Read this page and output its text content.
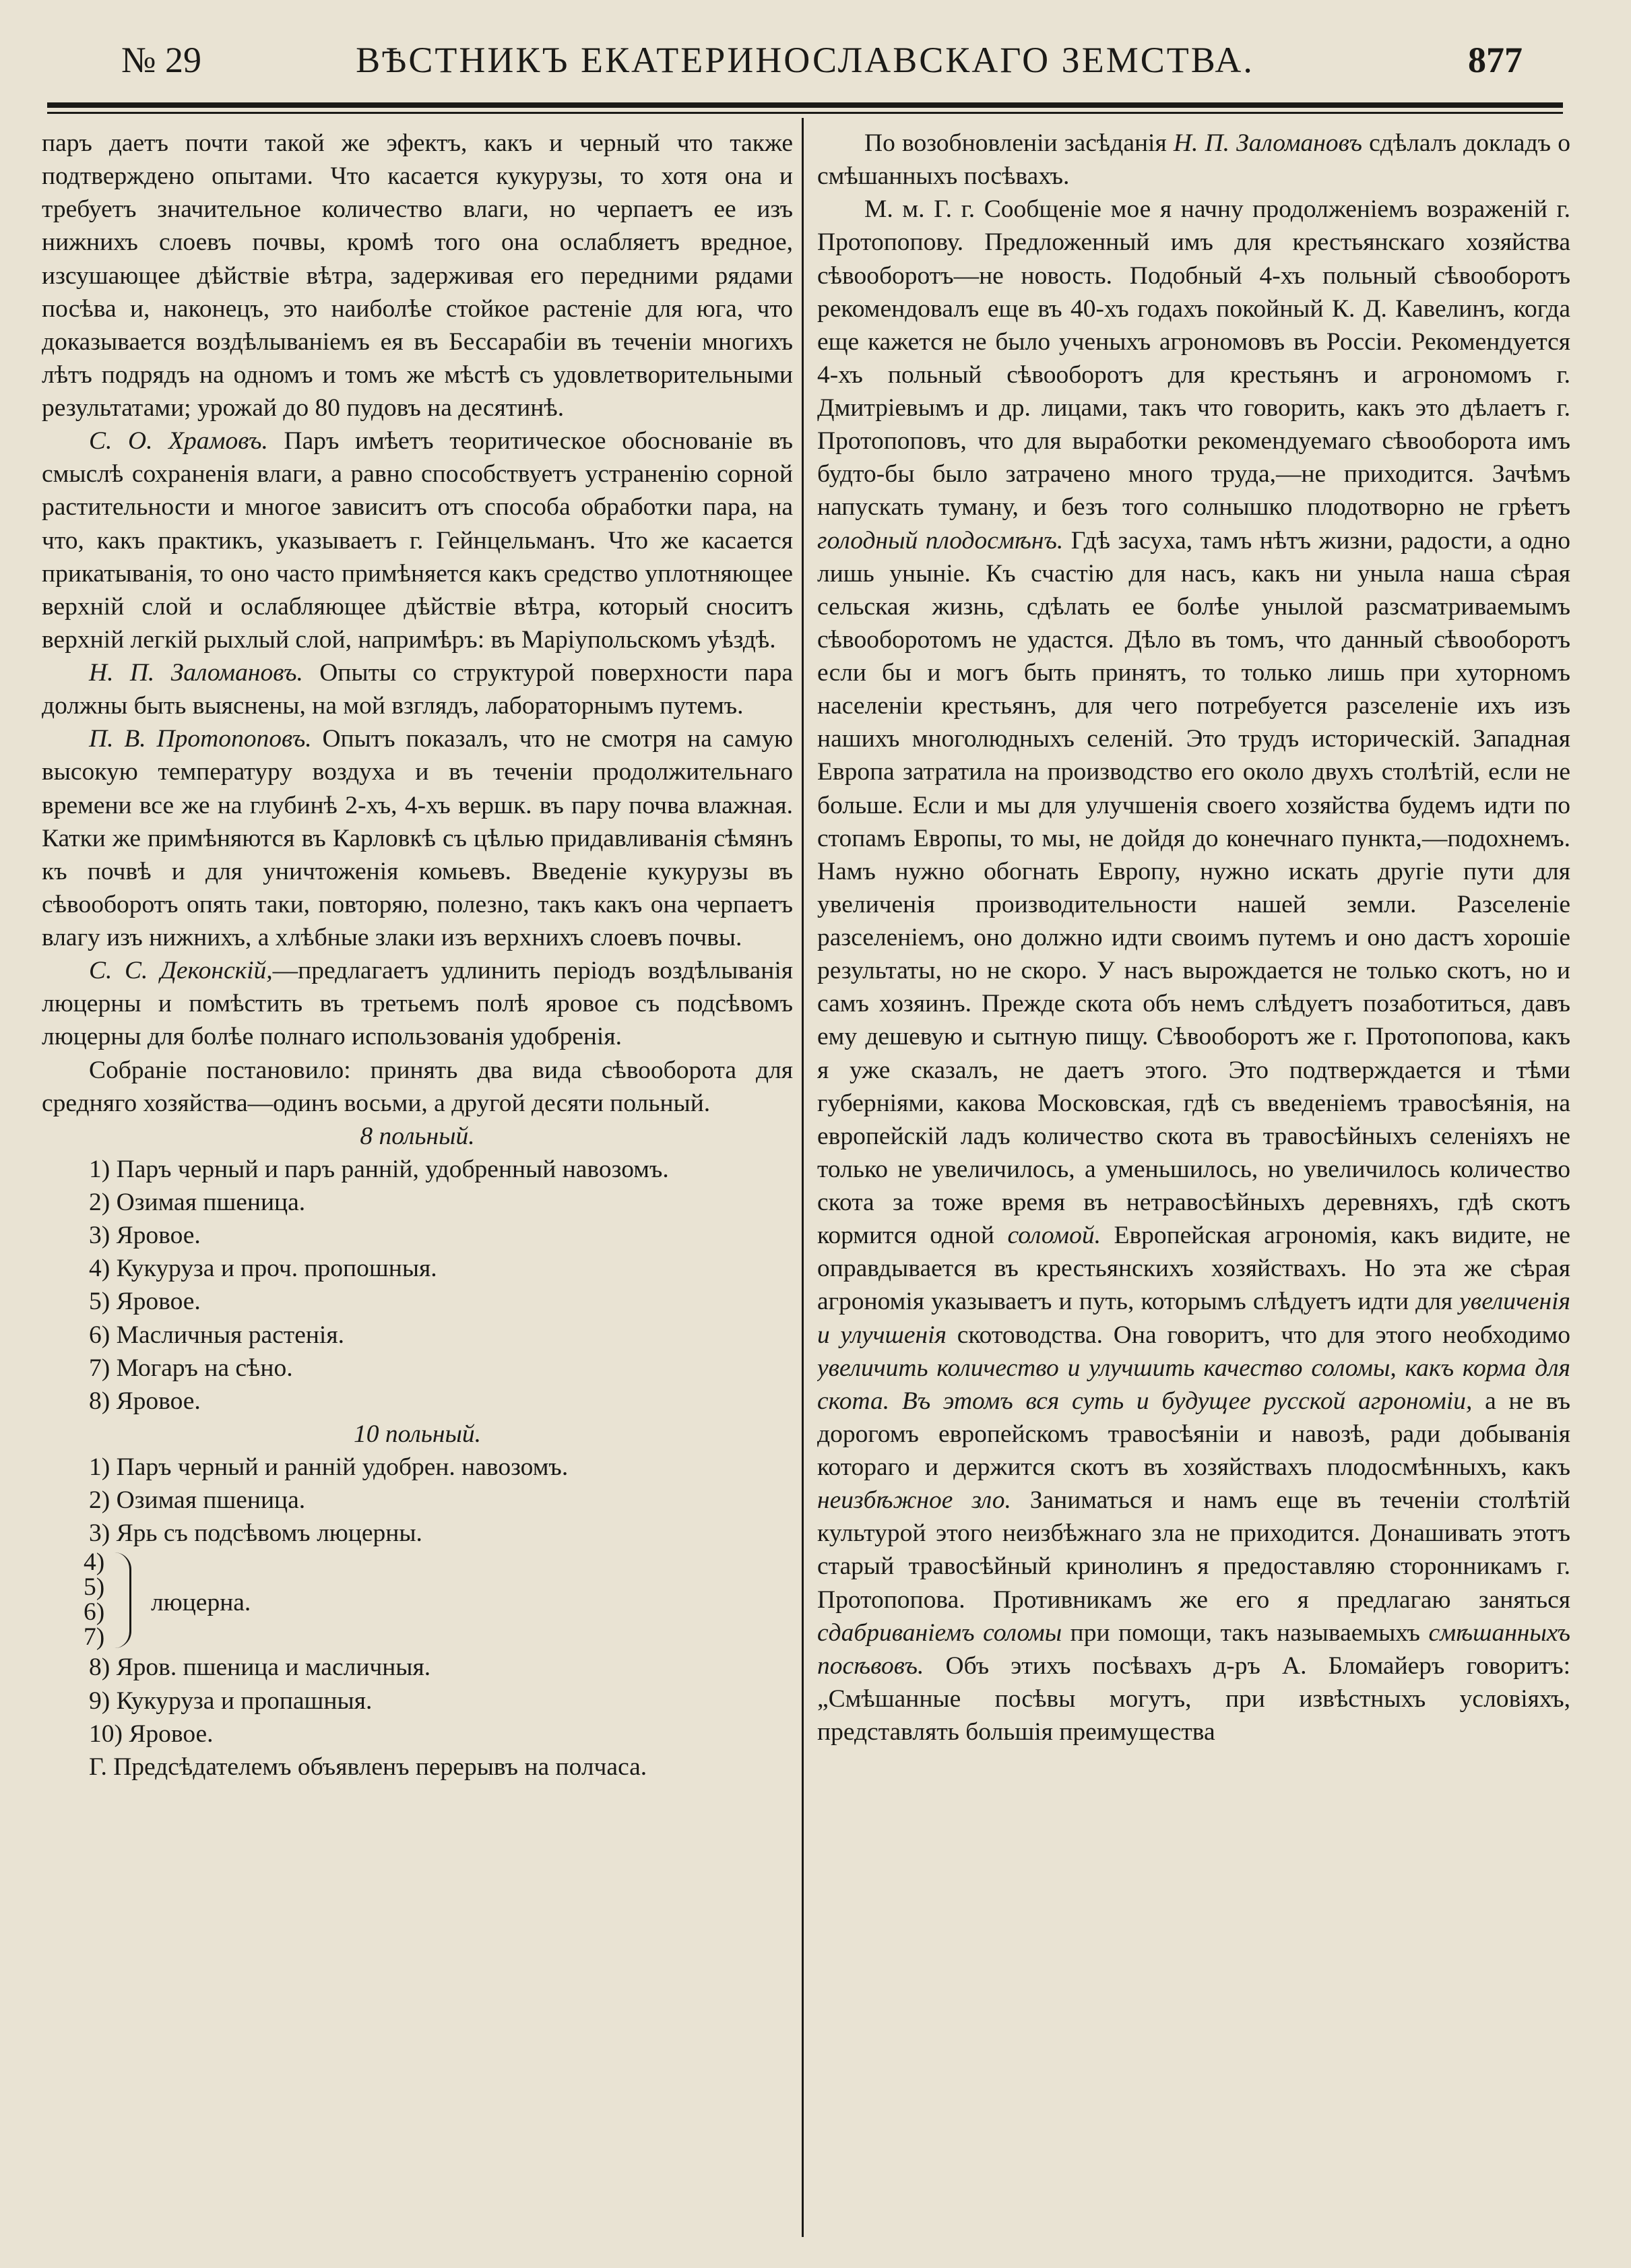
№ 29	ВѢСТНИКЪ ЕКАТЕРИНОСЛАВСКАГО ЗЕМСТВА.	877

паръ даетъ почти такой же эфектъ, какъ и черный что также подтверждено опытами. Что касается кукурузы, то хотя она и требуетъ значительное количество влаги, но черпаетъ ее изъ нижнихъ слоевъ почвы, кромѣ того она ослабляетъ вредное, изсушающее дѣйствіе вѣтра, задерживая его передними рядами посѣва и, наконецъ, это наиболѣе стойкое растеніе для юга, что доказывается воздѣлываніемъ ея въ Бессарабіи въ теченіи многихъ лѣтъ подрядъ на одномъ и томъ же мѣстѣ съ удовлетворительными результатами; урожай до 80 пудовъ на десятинѣ.

С. О. Храмовъ. Паръ имѣетъ теоритическое обоснованіе въ смыслѣ сохраненія влаги, а равно способствуетъ устраненію сорной растительности и многое зависитъ отъ способа обработки пара, на что, какъ практикъ, указываетъ г. Гейнцельманъ. Что же касается прикатыванія, то оно часто примѣняется какъ средство уплотняющее верхній слой и ослабляющее дѣйствіе вѣтра, который сноситъ верхній легкій рыхлый слой, напримѣръ: въ Маріупольскомъ уѣздѣ.

Н. П. Заломановъ. Опыты со структурой поверхности пара должны быть выяснены, на мой взглядъ, лабораторнымъ путемъ.

П. В. Протопоповъ. Опытъ показалъ, что не смотря на самую высокую температуру воздуха и въ теченіи продолжительнаго времени все же на глубинѣ 2-хъ, 4-хъ вершк. въ пару почва влажная. Катки же примѣняются въ Карловкѣ съ цѣлью придавливанія сѣмянъ къ почвѣ и для уничтоженія комьевъ. Введеніе кукурузы въ сѣвооборотъ опять таки, повторяю, полезно, такъ какъ она черпаетъ влагу изъ нижнихъ, а хлѣбные злаки изъ верхнихъ слоевъ почвы.

С. С. Деконскій,—предлагаетъ удлинить періодъ воздѣлыванія люцерны и помѣстить въ третьемъ полѣ яровое съ подсѣвомъ люцерны для болѣе полнаго использованія удобренія.

Собраніе постановило: принять два вида сѣвооборота для средняго хозяйства—одинъ восьми, а другой десяти польный.

8 польный.

1) Паръ черный и паръ ранній, удобренный навозомъ.

2) Озимая пшеница.

3) Яровое.

4) Кукуруза и проч. пропошныя.

5) Яровое.

6) Масличныя растенія.

7) Могаръ на сѣно.

8) Яровое.

10 польный.

1) Паръ черный и ранній удобрен. навозомъ.

2) Озимая пшеница.

3) Ярь съ подсѣвомъ люцерны.

4)
5)
6)
7)
люцерна.

8) Яров. пшеница и масличныя.

9) Кукуруза и пропашныя.

10) Яровое.

Г. Предсѣдателемъ объявленъ перерывъ на полчаса.

По возобновленіи засѣданія Н. П. Заломановъ сдѣлалъ докладъ о смѣшанныхъ посѣвахъ.

М. м. Г. г. Сообщеніе мое я начну продолженіемъ возраженій г. Протопопову. Предложенный имъ для крестьянскаго хозяйства сѣвооборотъ—не новость. Подобный 4-хъ польный сѣвооборотъ рекомендовалъ еще въ 40-хъ годахъ покойный К. Д. Кавелинъ, когда еще кажется не было ученыхъ агрономовъ въ Россіи. Рекомендуется 4-хъ польный сѣвооборотъ для крестьянъ и агрономомъ г. Дмитріевымъ и др. лицами, такъ что говорить, какъ это дѣлаетъ г. Протопоповъ, что для выработки рекомендуемаго сѣвооборота имъ будто-бы было затрачено много труда,—не приходится. Зачѣмъ напускать туману, и безъ того солнышко плодотворно не грѣетъ голодный плодосмѣнъ. Гдѣ засуха, тамъ нѣтъ жизни, радости, а одно лишь уныніе. Къ счастію для насъ, какъ ни унылa наша сѣрая сельская жизнь, сдѣлать ее болѣе унылой разсматриваемымъ сѣвооборотомъ не удастся. Дѣло въ томъ, что данный сѣвооборотъ если бы и могъ быть принятъ, то только лишь при хуторномъ населеніи крестьянъ, для чего потребуется разселеніе ихъ изъ нашихъ многолюдныхъ селеній. Это трудъ историческій. Западная Европа затратила на производство его около двухъ столѣтій, если не больше. Если и мы для улучшенія своего хозяйства будемъ идти по стопамъ Европы, то мы, не дойдя до конечнаго пункта,—подохнемъ. Намъ нужно обогнать Европу, нужно искать другіе пути для увеличенія производительности нашей земли. Разселеніе разселеніемъ, оно должно идти своимъ путемъ и оно дастъ хорошіе результаты, но не скоро. У насъ вырождается не только скотъ, но и самъ хозяинъ. Прежде скота объ немъ слѣдуетъ позаботиться, давъ ему дешевую и сытную пищу. Сѣвооборотъ же г. Протопопова, какъ я уже сказалъ, не даетъ этого. Это подтверждается и тѣми губерніями, какова Московская, гдѣ съ введеніемъ травосѣянія, на европейскій ладъ количество скота въ травосѣйныхъ селеніяхъ не только не увеличилось, а уменьшилось, но увеличилось количество скота за тоже время въ нетравосѣйныхъ деревняхъ, гдѣ скотъ кормится одной соломой. Европейская агрономія, какъ видите, не оправдывается въ крестьянскихъ хозяйствахъ. Но эта же сѣрая агрономія указываетъ и путь, которымъ слѣдуетъ идти для увеличенія и улучшенія скотоводства. Она говоритъ, что для этого необходимо увеличить количество и улучшить качество соломы, какъ корма для скота. Въ этомъ вся суть и будущее русской агрономіи, а не въ дорогомъ европейскомъ травосѣяніи и навозѣ, ради добыванія котораго и держится скотъ въ хозяйствахъ плодосмѣнныхъ, какъ неизбѣжное зло. Заниматься и намъ еще въ теченіи столѣтій культурой этого неизбѣжнаго зла не приходится. Донашивать этотъ старый травосѣйный кринолинъ я предоставляю сторонникамъ г. Протопопова. Противникамъ же его я предлагаю заняться сдабриваніемъ соломы при помощи, такъ называемыхъ смѣшанныхъ посѣвовъ. Объ этихъ посѣвахъ д-ръ А. Бломайеръ говоритъ: „Смѣшанные посѣвы могутъ, при извѣстныхъ условіяхъ, представлять большія преимущества
